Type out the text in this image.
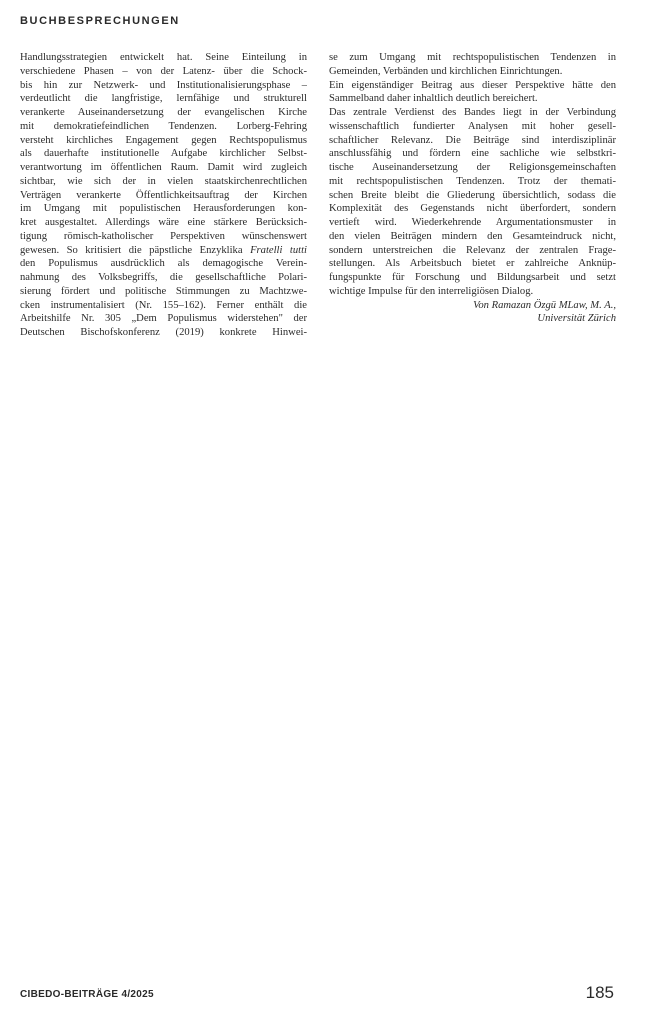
BUCHBESPRECHUNGEN
Handlungsstrategien entwickelt hat. Seine Einteilung in
verschiedene Phasen – von der Latenz- über die Schock-
bis hin zur Netzwerk- und Institutionalisierungsphase –
verdeutlicht die langfristige, lernfähige und strukturell
verankerte Auseinandersetzung der evangelischen Kirche
mit demokratiefeindlichen Tendenzen. Lorberg-Fehring
versteht kirchliches Engagement gegen Rechtspopulismus
als dauerhafte institutionelle Aufgabe kirchlicher Selbst-
verantwortung im öffentlichen Raum. Damit wird zugleich
sichtbar, wie sich der in vielen staatskirchenrechtlichen
Verträgen verankerte Öffentlichkeitsauftrag der Kirchen
im Umgang mit populistischen Herausforderungen kon-
kret ausgestaltet. Allerdings wäre eine stärkere Berücksich-
tigung römisch-katholischer Perspektiven wünschenswert
gewesen. So kritisiert die päpstliche Enzyklika Fratelli tutti
den Populismus ausdrücklich als demagogische Verein-
nahmung des Volksbegriffs, die gesellschaftliche Polari-
sierung fördert und politische Stimmungen zu Machtzwe-
cken instrumentalisiert (Nr. 155–162). Ferner enthält die
Arbeitshilfe Nr. 305 „Dem Populismus widerstehen" der
Deutschen Bischofskonferenz (2019) konkrete Hinwei-
se zum Umgang mit rechtspopulistischen Tendenzen in
Gemeinden, Verbänden und kirchlichen Einrichtungen.
Ein eigenständiger Beitrag aus dieser Perspektive hätte den
Sammelband daher inhaltlich deutlich bereichert.
Das zentrale Verdienst des Bandes liegt in der Verbindung
wissenschaftlich fundierter Analysen mit hoher gesell-
schaftlicher Relevanz. Die Beiträge sind interdisziplinär
anschlussfähig und fördern eine sachliche wie selbstkri-
tische Auseinandersetzung der Religionsgemeinschaften
mit rechtspopulistischen Tendenzen. Trotz der themati-
schen Breite bleibt die Gliederung übersichtlich, sodass die
Komplexität des Gegenstands nicht überfordert, sondern
vertieft wird. Wiederkehrende Argumentationsmuster in
den vielen Beiträgen mindern den Gesamteindruck nicht,
sondern unterstreichen die Relevanz der zentralen Frage-
stellungen. Als Arbeitsbuch bietet er zahlreiche Anknüp-
fungspunkte für Forschung und Bildungsarbeit und setzt
wichtige Impulse für den interreligiösen Dialog.
Von Ramazan Özgü MLaw, M. A.,
Universität Zürich
CIBEDO-BEITRÄGE 4/2025	185
